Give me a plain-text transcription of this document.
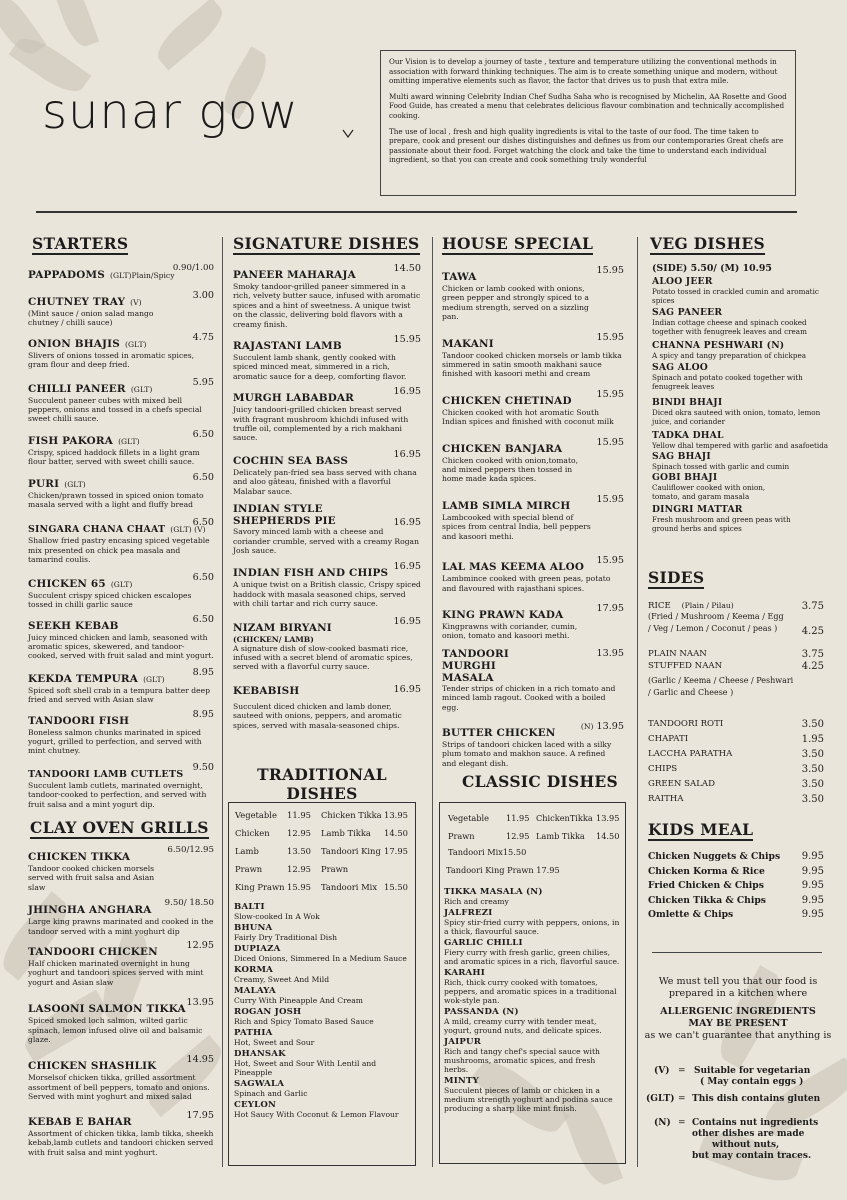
sunar gow

Our Vision is to develop a journey of taste , texture and temperature utilizing the conventional methods in association with forward thinking techniques. The aim is to create something unique and modern, without omitting imperative elements such as flavor, the factor that drives us to push that extra mile.

Multi award winning Celebrity Indian Chef Sudha Saha who is recognised by Michelin, AA Rosette and Good Food Guide, has created a menu that celebrates delicious flavour combination and technically accomplished cooking.

The use of local , fresh and high quality ingredients is vital to the taste of our food. The time taken to prepare, cook and present our dishes distinguishes and defines us from our contemporaries Great chefs are passionate about their food. Forget watching the clock and take the time to understand each individual ingredient, so that you can create and cook something truly wonderful

STARTERS
PAPPADOMS (GLT)Plain/Spicy
0.90/1.00
CHUTNEY TRAY (V)
3.00
(Mint sauce / onion salad mango chutney / chilli sauce)
ONION BHAJIS (GLT)
4.75
Slivers of onions tossed in aromatic spices, gram flour and deep fried.
CHILLI PANEER (GLT)
5.95
Succulent paneer cubes with mixed bell peppers, onions and tossed in a chefs special sweet chilli sauce.
FISH PAKORA (GLT)
6.50
Crispy, spiced haddock fillets in a light gram flour batter, served with sweet chilli sauce.
PURI (GLT)
6.50
Chicken/prawn tossed in spiced onion tomato masala served with a light and fluffy bread
SINGARA CHANA CHAAT (GLT) (V)
6.50
Shallow fried pastry encasing spiced vegetable mix presented on chick pea masala and tamarind coulis.
CHICKEN 65 (GLT)
6.50
Succulent crispy spiced chicken escalopes tossed in chilli garlic sauce
SEEKH KEBAB
6.50
Juicy minced chicken and lamb, seasoned with aromatic spices, skewered, and tandoor-cooked, served with fruit salad and mint yogurt.
KEKDA TEMPURA (GLT)
8.95
Spiced soft shell crab in a tempura batter deep fried and served with Asian slaw
TANDOORI FISH
8.95
Boneless salmon chunks marinated in spiced yogurt, grilled to perfection, and served with mint chutney.
TANDOORI LAMB CUTLETS
9.50
Succulent lamb cutlets, marinated overnight, tandoor-cooked to perfection, and served with fruit salsa and a mint yogurt dip.
CLAY OVEN GRILLS
CHICKEN TIKKA
6.50/12.95
Tandoor cooked chicken morsels served with fruit salsa and Asian slaw
JHINGHA ANGHARA
9.50/ 18.50
Large king prawns marinated and cooked in the tandoor served with a mint yoghurt dip
TANDOORI CHICKEN
12.95
Half chicken marinated overnight in hung yoghurt and tandoori spices served with mint yogurt and Asian slaw
LASOONI SALMON TIKKA
13.95
Spiced smoked loch salmon, wilted garlic spinach, lemon infused olive oil and balsamic glaze.
CHICKEN SHASHLIK
14.95
Morselsof chicken tikka, grilled assortment assortment of bell peppers, tomato and onions. Served with mint yoghurt and mixed salad
KEBAB E BAHAR
17.95
Assortment of chicken tikka, lamb tikka, sheekh kebab,lamb cutlets and tandoori chicken served with fruit salsa and mint yoghurt.
SIGNATURE DISHES
PANEER MAHARAJA
14.50
Smoky tandoor-grilled paneer simmered in a rich, velvety butter sauce, infused with aromatic spices and a hint of sweetness. A unique twist on the classic, delivering bold flavors with a creamy finish.
RAJASTANI LAMB
15.95
Succulent lamb shank, gently cooked with spiced minced meat, simmered in a rich, aromatic sauce for a deep, comforting flavor.
MURGH LABABDAR
16.95
Juicy tandoori-grilled chicken breast served with fragrant mushroom khichdi infused with truffle oil, complemented by a rich makhani sauce.
COCHIN SEA BASS
16.95
Delicately pan-fried sea bass served with chana and aloo gâteau, finished with a flavorful Malabar sauce.
INDIAN STYLE SHEPHERDS PIE	16.95
Savory minced lamb with a cheese and coriander crumble, served with a creamy Rogan Josh sauce.
INDIAN FISH AND CHIPS
16.95
A unique twist on a British classic, Crispy spiced haddock with masala seasoned chips, served with chili tartar and rich curry sauce.
NIZAM BIRYANI
16.95
(CHICKEN/ LAMB)
A signature dish of slow-cooked basmati rice, infused with a secret blend of aromatic spices, served with a flavorful curry sauce.
KEBABISH	16.95
Succulent diced chicken and lamb doner, sauteed with onions, peppers, and aromatic spices, served with masala-seasoned chips.
TRADITIONAL
DISHES
Vegetable 11.95 Chicken Tikka 13.95
Chicken 12.95 Lamb Tikka 14.50
Lamb	13.50 Tandoori King 17.95
Prawn	12.95 Prawn
King Prawn 15.95 Tandoori Mix 15.50
BALTI
Slow-cooked In A Wok
BHUNA
Fairly Dry Traditional Dish
DUPIAZA
Diced Onions, Simmered In a Medium Sauce
KORMA
Creamy, Sweet And Mild
MALAYA
Curry With Pineapple And Cream
ROGAN JOSH
Rich and Spicy Tomato Based Sauce
PATHIA
Hot, Sweet and Sour
DHANSAK
Hot, Sweet and Sour With Lentil and Pineapple
SAGWALA
Spinach and Garlic
CEYLON
Hot Saucy With Coconut & Lemon Flavour
HOUSE SPECIAL
TAWA
15.95
Chicken or lamb cooked with onions, green pepper and strongly spiced to a medium strength, served on a sizzling pan.
MAKANI
15.95
Tandoor cooked chicken morsels or lamb tikka simmered in satin smooth makhani sauce finished with kasoori methi and cream
CHICKEN CHETINAD
15.95
Chicken cooked with hot aromatic South Indian spices and finished with coconut milk
CHICKEN BANJARA
15.95
Chicken cooked with onion,tomato, and mixed peppers then tossed in home made kada spices.
LAMB SIMLA MIRCH
15.95
Lambcooked with special blend of spices from central India, bell peppers and kasoori methi.
LAL MAS KEEMA ALOO
15.95
Lambmince cooked with green peas, potato and flavoured with rajasthani spices.
KING PRAWN KADA
17.95
Kingprawns with coriander, cumin, onion, tomato and kasoori methi.
TANDOORI MURGHI MASALA
13.95
Tender strips of chicken in a rich tomato and minced lamb ragout. Cooked with a boiled egg.
BUTTER CHICKEN
(N) 13.95
Strips of tandoori chicken laced with a silky plum tomato and makhon sauce. A refined and elegant dish.
CLASSIC DISHES
Vegetable 11.95 ChickenTikka 13.95
Prawn	12.95 Lamb Tikka 14.50
Tandoori Mix15.50
Tandoori King Prawn 17.95
TIKKA MASALA (N)
Rich and creamy
JALFREZI
Spicy stir-fried curry with peppers, onions, in a thick, flavourful sauce.
GARLIC CHILLI
Fiery curry with fresh garlic, green chilies, and aromatic spices in a rich, flavorful sauce.
KARAHI
Rich, thick curry cooked with tomatoes, peppers, and aromatic spices in a traditional wok-style pan.
PASSANDA (N)
A mild, creamy curry with tender meat, yogurt, ground nuts, and delicate spices.
JAIPUR
Rich and tangy chef's special sauce with mushrooms, aromatic spices, and fresh herbs.
MINTY
Succulent pieces of lamb or chicken in a medium strength yoghurt and podina sauce producing a sharp like mint finish.
VEG DISHES
(SIDE) 5.50/ (M) 10.95
ALOO JEER
Potato tossed in crackled cumin and aromatic spices
SAG PANEER
Indian cottage cheese and spinach cooked together with fenugreek leaves and cream
CHANNA PESHWARI (N)
A spicy and tangy preparation of chickpea
SAG ALOO
Spinach and potato cooked together with fenugreek leaves
BINDI BHAJI
Diced okra sauteed with onion, tomato, lemon juice, and coriander
TADKA DHAL
Yellow dhal tempered with garlic and asafoetida
SAG BHAJI
Spinach tossed with garlic and cumin
GOBI BHAJI
Cauliflower cooked with onion, tomato, and garam masala
DINGRI MATTAR
Fresh mushroom and green peas with ground herbs and spices
SIDES
RICE (Plain / Pilau)	3.75
(Fried / Mushroom / Keema / Egg / Veg / Lemon / Coconut / peas )	4.25
PLAIN NAAN	3.75
STUFFED NAAN	4.25
(Garlic / Keema / Cheese / Peshwari / Garlic and Cheese )
TANDOORI ROTI	3.50
CHAPATI	1.95
LACCHA PARATHA	3.50
CHIPS	3.50
GREEN SALAD	3.50
RAITHA	3.50
KIDS MEAL
Chicken Nuggets & Chips 9.95
Chicken Korma & Rice	9.95
Fried Chicken & Chips	9.95
Chicken Tikka & Chips	9.95
Omlette & Chips	9.95
We must tell you that our food is
prepared in a kitchen where
ALLERGENIC INGREDIENTS
MAY BE PRESENT
as we can't guarantee that anything is
(V) = Suitable for vegetarian
( May contain eggs )
(GLT) = This dish contains gluten
(N) = Contains nut ingredients
other dishes are made
without nuts,
but may contain traces.
